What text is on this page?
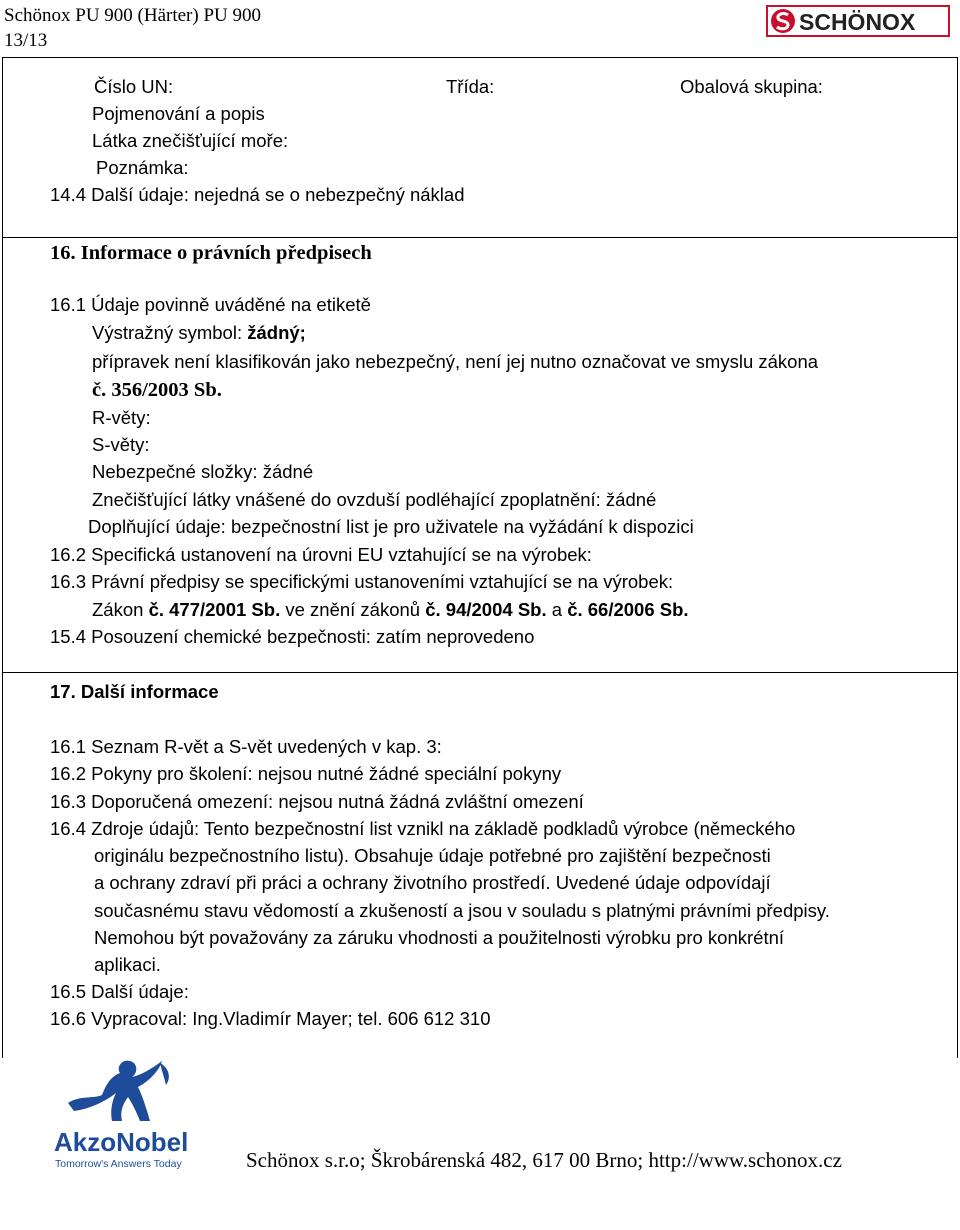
Schönox PU 900 (Härter) PU 900
13/13
SCHÖNOX
Číslo UN:	Třída:	Obalová skupina:
Pojmenování a popis
Látka znečišťující moře:
Poznámka:
14.4 Další údaje: nejedná se o nebezpečný náklad
16. Informace o právních předpisech
16.1 Údaje povinně uváděné na etiketě
Výstražný symbol: žádný;
přípravek není klasifikován jako nebezpečný, není jej nutno označovat ve smyslu zákona
č. 356/2003 Sb.
R-věty:
S-věty:
Nebezpečné složky: žádné
Znečišťující látky vnášené do ovzduší podléhající zpoplatnění: žádné
Doplňující údaje: bezpečnostní list je pro uživatele na vyžádání k dispozici
16.2 Specifická ustanovení na úrovni EU vztahující se na výrobek:
16.3 Právní předpisy se specifickými ustanoveními vztahující se na výrobek:
Zákon č. 477/2001 Sb. ve znění zákonů č. 94/2004 Sb. a č. 66/2006 Sb.
15.4 Posouzení chemické bezpečnosti: zatím neprovedeno
17. Další informace
16.1 Seznam R-vět a S-vět uvedených v kap. 3:
16.2 Pokyny pro školení: nejsou nutné žádné speciální pokyny
16.3 Doporučená omezení: nejsou nutná žádná zvláštní omezení
16.4 Zdroje údajů: Tento bezpečnostní list vznikl na základě podkladů výrobce (německého
originálu bezpečnostního listu). Obsahuje údaje potřebné pro zajištění bezpečnosti
a ochrany zdraví při práci a ochrany životního prostředí. Uvedené údaje odpovídají
současnému stavu vědomostí a zkušeností a jsou v souladu s platnými právními předpisy.
Nemohou být považovány za záruku vhodnosti a použitelnosti výrobku pro konkrétní
aplikaci.
16.5 Další údaje:
16.6 Vypracoval: Ing.Vladimír Mayer; tel. 606 612 310
AkzoNobel
Tomorrow's Answers Today	Schönox s.r.o; Škrobárenská 482, 617 00 Brno; http://www.schonox.cz
